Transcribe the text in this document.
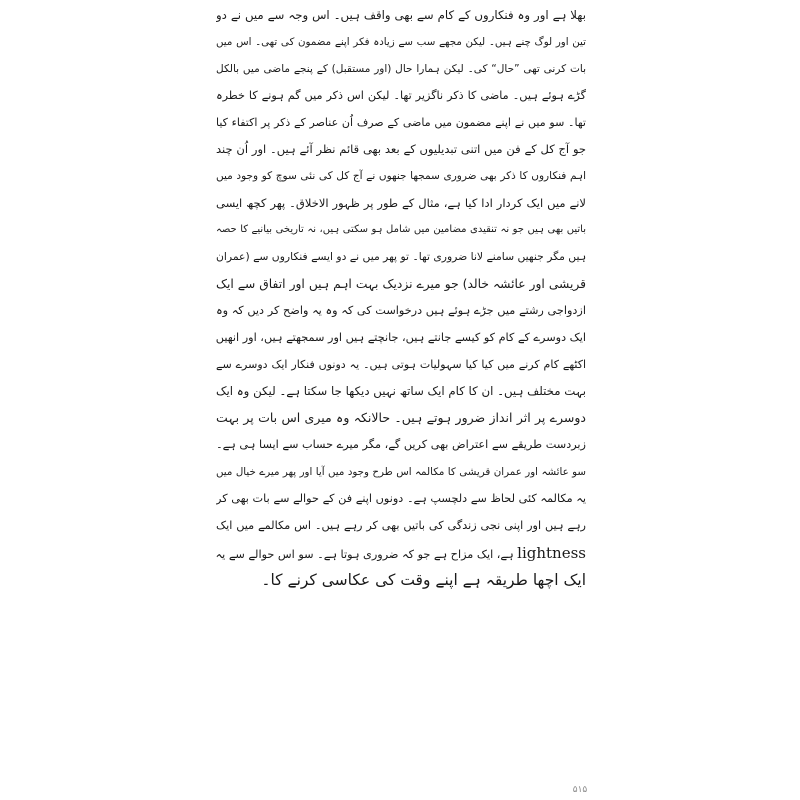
بھلا ہے اور وہ فنکاروں کے کام سے بھی واقف ہیں۔ اس وجہ سے میں نے دو
تین اور لوگ چنے ہیں۔ لیکن مجھے سب سے زیادہ فکر اپنے مضمون کی تھی۔ اس میں
بات کرنی تھی ”حال“ کی۔ لیکن ہمارا حال (اور مستقبل) کے پنجے ماضی میں بالکل
گڑے ہوئے ہیں۔ ماضی کا ذکر ناگزیر تھا۔ لیکن اس ذکر میں گم ہونے کا خطرہ
تھا۔ سو میں نے اپنے مضمون میں ماضی کے صرف اُن عناصر کے ذکر پر اکتفاء کیا
جو آج کل کے فن میں اتنی تبدیلیوں کے بعد بھی قائم نظر آئے ہیں۔ اور اُن چند
اہم فنکاروں کا ذکر بھی ضروری سمجھا جنھوں نے آج کل کی نئی سوچ کو وجود میں
لانے میں ایک کردار ادا کیا ہے، مثال کے طور پر ظہور الاخلاق۔ پھر کچھ ایسی
باتیں بھی ہیں جو نہ تنقیدی مضامین میں شامل ہو سکتی ہیں، نہ تاریخی بیانیے کا حصہ
ہیں مگر جنھیں سامنے لانا ضروری تھا۔ تو پھر میں نے دو ایسے فنکاروں سے (عمران
قریشی اور عائشہ خالد) جو میرے نزدیک بہت اہم ہیں اور اتفاق سے ایک
ازدواجی رشتے میں جڑے ہوئے ہیں درخواست کی کہ وہ یہ واضح کر دیں کہ وہ
ایک دوسرے کے کام کو کیسے جانتے ہیں، جانچتے ہیں اور سمجھتے ہیں، اور انھیں
اکٹھے کام کرنے میں کیا کیا سہولیات ہوتی ہیں۔ یہ دونوں فنکار ایک دوسرے سے
بہت مختلف ہیں۔ ان کا کام ایک ساتھ نہیں دیکھا جا سکتا ہے۔ لیکن وہ ایک
دوسرے پر اثر انداز ضرور ہوتے ہیں۔ حالانکہ وہ میری اس بات پر بہت
زبردست طریقے سے اعتراض بھی کریں گے، مگر میرے حساب سے ایسا ہی ہے۔
سو عائشہ اور عمران قریشی کا مکالمہ اس طرح وجود میں آیا اور پھر میرے خیال میں
یہ مکالمہ کئی لحاظ سے دلچسپ ہے۔ دونوں اپنے فن کے حوالے سے بات بھی کر
رہے ہیں اور اپنی نجی زندگی کی باتیں بھی کر رہے ہیں۔ اس مکالمے میں ایک
lightness ہے، ایک مزاح ہے جو کہ ضروری ہوتا ہے۔ سو اس حوالے سے یہ
ایک اچھا طریقہ ہے اپنے وقت کی عکاسی کرنے کا۔
۵۱۵
